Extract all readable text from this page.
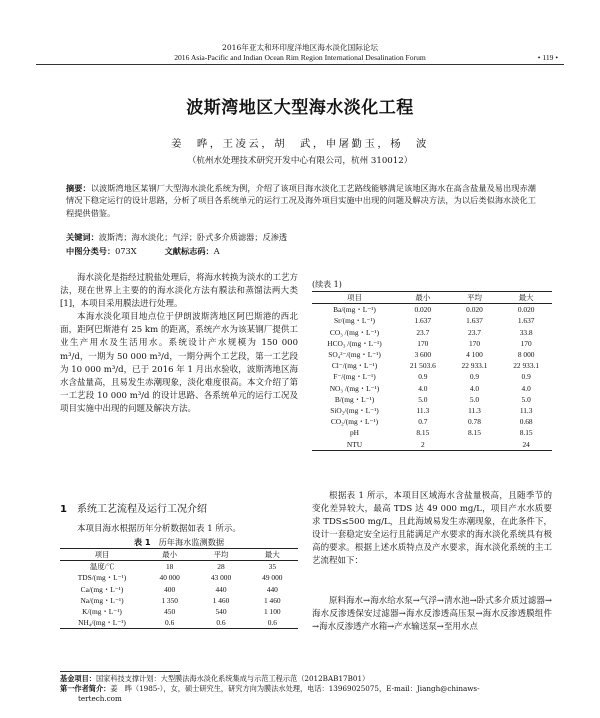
2016年亚太和环印度洋地区海水淡化国际论坛
2016 Asia-Pacific and Indian Ocean Rim Region International Desalination Forum	• 119 •
波斯湾地区大型海水淡化工程
姜　晔，王凌云，胡　武，申屠勤玉，杨　波
（杭州水处理技术研究开发中心有限公司，杭州 310012）
摘要：以波斯湾地区某钢厂大型海水淡化系统为例，介绍了该项目海水淡化工艺路线能够满足该地区海水在高含盐量及易出现赤潮情况下稳定运行的设计思路，分析了项目各系统单元的运行工况及海外项目实施中出现的问题及解决方法，为以后类似海水淡化工程提供借鉴。
关键词：波斯湾；海水淡化；气浮；卧式多介质滤器；反渗透
中图分类号：073X	文献标志码：A

海水淡化是指经过脱盐处理后，将海水转换为淡水的工艺方法，现在世界上主要的的海水淡化方法有膜法和蒸馏法两大类[1]，本项目采用膜法进行处理。

本海水淡化项目地点位于伊朗波斯湾地区阿巴斯港的西北面，距阿巴斯港有 25 km 的距离，系统产水为该某钢厂提供工业生产用水及生活用水。系统设计产水规模为 150 000 m³/d，一期为 50 000 m³/d，一期分两个工艺段，第一工艺段为 10 000 m³/d，已于 2016 年 1 月出水验收，波斯湾地区海水含盐量高，且易发生赤潮现象，淡化难度很高。本文介绍了第一工艺段 10 000 m³/d 的设计思路、各系统单元的运行工况及项目实施中出现的问题及解决方法。

1 系统工艺流程及运行工况介绍
本项目海水根据历年分析数据如表 1 所示。
表 1 历年海水监测数据
项目	最小	平均	最大
温度/℃	18	28	35
TDS/(mg・L⁻¹)	40 000	43 000	49 000
Ca/(mg・L⁻¹)	400	440	440
Na/(mg・L⁻¹)	1 350	1 460	1 460
K/(mg・L⁻¹)	450	540	1 100
NH₄/(mg・L⁻¹)	0.6	0.6	0.6
(续表 1)
项目	最小	平均	最大
Ba/(mg・L⁻¹)	0.020	0.020	0.020
Sr/(mg・L⁻¹)	1.637	1.637	1.637
CO₃ /(mg・L⁻¹)	23.7	23.7	33.8
HCO₃ /(mg・L⁻¹)	170	170	170
SO₄²⁻/(mg・L⁻¹)	3 600	4 100	8 000
Cl⁻/(mg・L⁻¹)	21 503.6	22 933.1	22 933.1
F⁻/(mg・L⁻¹)	0.9	0.9	0.9
NO₃ /(mg・L⁻¹)	4.0	4.0	4.0
B/(mg・L⁻¹)	5.0	5.0	5.0
SiO₂/(mg・L⁻¹)	11.3	11.3	11.3
CO₂/(mg・L⁻¹)	0.7	0.78	0.68
pH	8.15	8.15	8.15
NTU	2		24

根据表 1 所示，本项目区域海水含盐量极高，且随季节的变化差异较大，最高 TDS 达 49 000 mg/L，项目产水水质要求 TDS≤500 mg/L，且此海域易发生赤潮现象，在此条件下，设计一套稳定安全运行且能满足产水要求的海水淡化系统具有极高的要求。根据上述水质特点及产水要求，海水淡化系统的主工艺流程如下：

原料海水→海水给水泵→气浮→清水池→卧式多介质过滤器→海水反渗透保安过滤器→海水反渗透高压泵→海水反渗透膜组件→海水反渗透产水箱→产水输送泵→至用水点
基金项目：国家科技支撑计划：大型膜法海水淡化系统集成与示范工程示范（2012BAB17B01）
第一作者简介：姜　晔（1985-），女，硕士研究生，研究方向为膜法水处理，电话：13969025075，E-mail：Jiangh@chinaws-
tertech.com
